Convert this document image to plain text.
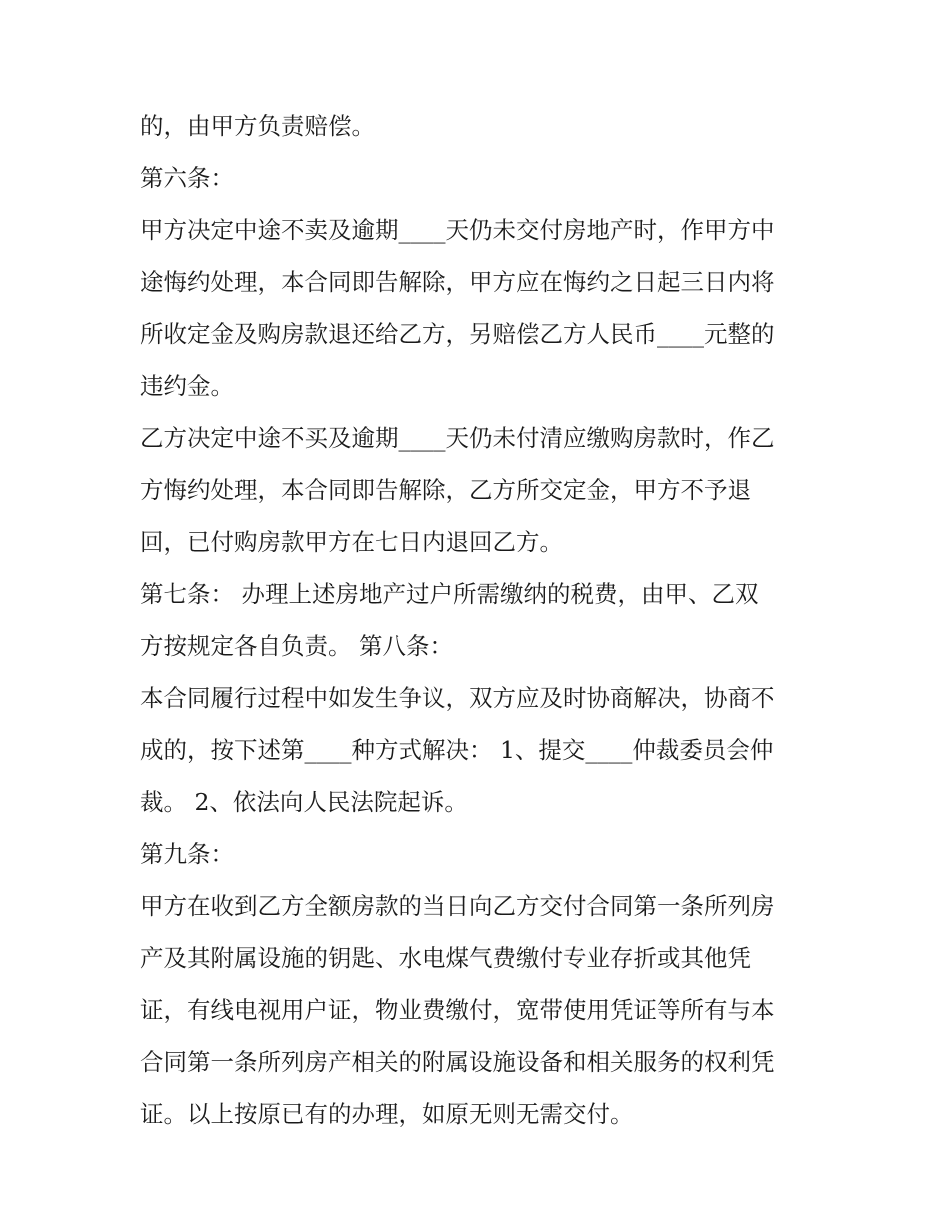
的，由甲方负责赔偿。
第六条：
甲方决定中途不卖及逾期____天仍未交付房地产时，作甲方中
途悔约处理，本合同即告解除，甲方应在悔约之日起三日内将
所收定金及购房款退还给乙方，另赔偿乙方人民币____元整的
违约金。
乙方决定中途不买及逾期____天仍未付清应缴购房款时，作乙
方悔约处理，本合同即告解除，乙方所交定金，甲方不予退
回，已付购房款甲方在七日内退回乙方。
第七条： 办理上述房地产过户所需缴纳的税费，由甲、乙双
方按规定各自负责。 第八条：
本合同履行过程中如发生争议，双方应及时协商解决，协商不
成的，按下述第____种方式解决： 1、提交____仲裁委员会仲
裁。 2、依法向人民法院起诉。
第九条：
甲方在收到乙方全额房款的当日向乙方交付合同第一条所列房
产及其附属设施的钥匙、水电煤气费缴付专业存折或其他凭
证，有线电视用户证，物业费缴付，宽带使用凭证等所有与本
合同第一条所列房产相关的附属设施设备和相关服务的权利凭
证。以上按原已有的办理，如原无则无需交付。
